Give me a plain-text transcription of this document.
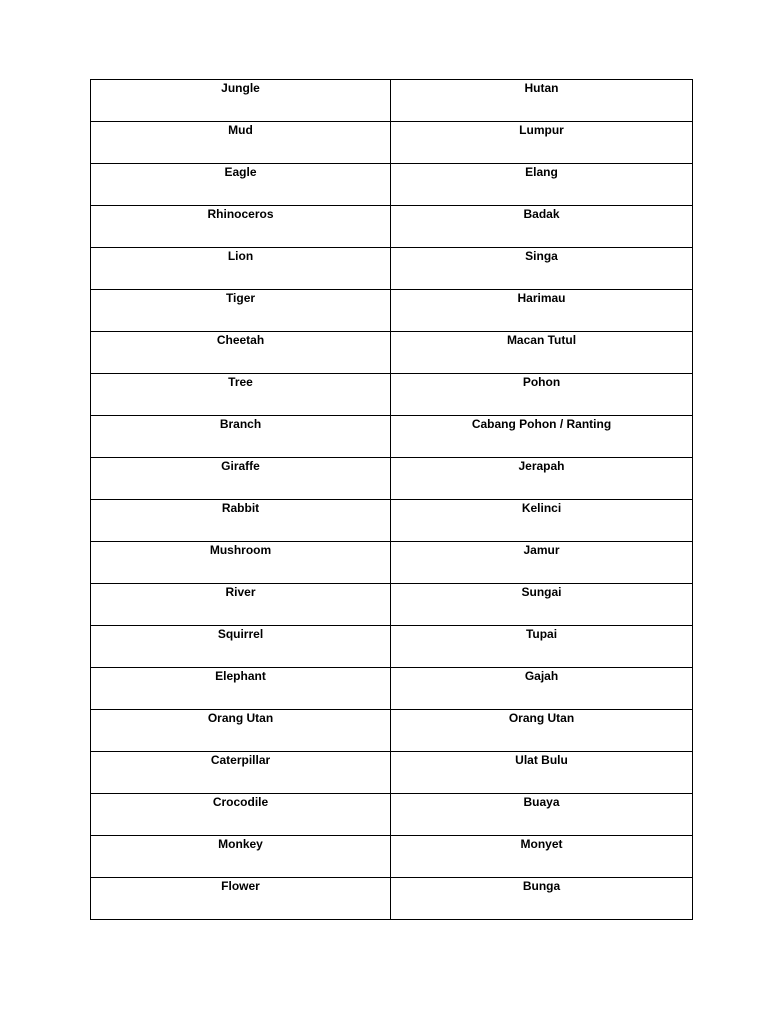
Jungle	Hutan

Mud	Lumpur

Eagle	Elang

Rhinoceros	Badak

Lion	Singa

Tiger	Harimau

Cheetah	Macan Tutul

Tree	Pohon

Branch	Cabang Pohon / Ranting

Giraffe	Jerapah

Rabbit	Kelinci

Mushroom	Jamur

River	Sungai

Squirrel	Tupai

Elephant	Gajah

Orang Utan	Orang Utan

Caterpillar	Ulat Bulu

Crocodile	Buaya

Monkey	Monyet

Flower	Bunga
